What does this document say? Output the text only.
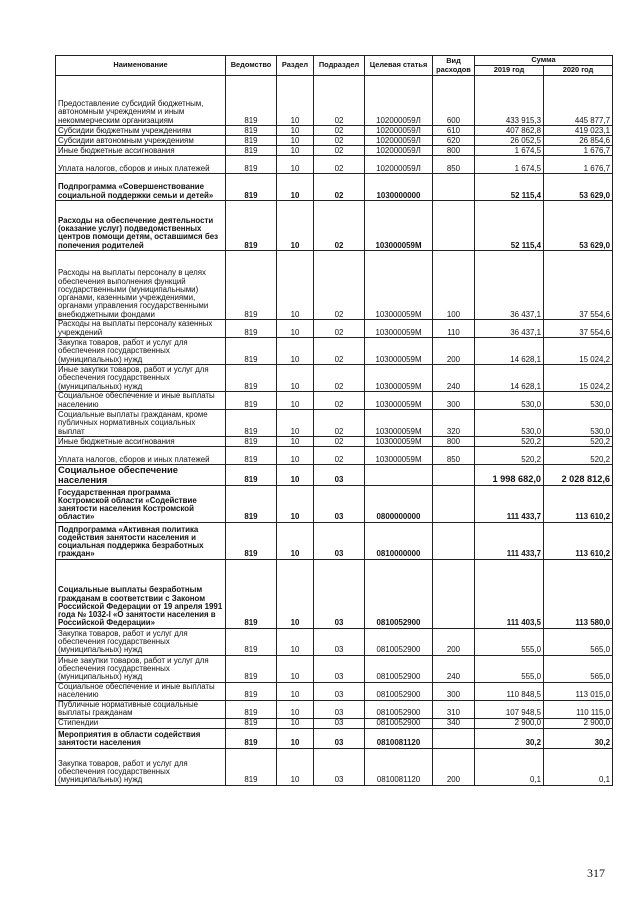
Наименование	Ведомство	Раздел	Подраздел	Целевая статья	Вид расходов	Сумма	
						2019 год	2020 год
Предоставление субсидий бюджетным, автономным учреждениям и иным некоммерческим организациям	819	10	02	102000059Л	600	433 915,3	445 877,7
Субсидии бюджетным учреждениям	819	10	02	102000059Л	610	407 862,8	419 023,1
Субсидии автономным учреждениям	819	10	02	102000059Л	620	26 052,5	26 854,6
Иные бюджетные ассигнования	819	10	02	102000059Л	800	1 674,5	1 676,7
Уплата налогов, сборов и иных платежей	819	10	02	102000059Л	850	1 674,5	1 676,7
Подпрограмма «Совершенствование социальной поддержки семьи и детей»	819	10	02	1030000000		52 115,4	53 629,0
Расходы на обеспечение деятельности (оказание услуг) подведомственных центров помощи детям, оставшимся без попечения родителей	819	10	02	103000059М		52 115,4	53 629,0
Расходы на выплаты персоналу в целях обеспечения выполнения функций государственными (муниципальными) органами, казенными учреждениями, органами управления государственными внебюджетными фондами	819	10	02	103000059М	100	36 437,1	37 554,6
Расходы на выплаты персоналу казенных учреждений	819	10	02	103000059М	110	36 437,1	37 554,6
Закупка товаров, работ и услуг для обеспечения государственных (муниципальных) нужд	819	10	02	103000059М	200	14 628,1	15 024,2
Иные закупки товаров, работ и услуг для обеспечения государственных (муниципальных) нужд	819	10	02	103000059М	240	14 628,1	15 024,2
Социальное обеспечение и иные выплаты населению	819	10	02	103000059М	300	530,0	530,0
Социальные выплаты гражданам, кроме публичных нормативных социальных выплат	819	10	02	103000059М	320	530,0	530,0
Иные бюджетные ассигнования	819	10	02	103000059М	800	520,2	520,2
Уплата налогов, сборов и иных платежей	819	10	02	103000059М	850	520,2	520,2
Социальное обеспечение населения	819	10	03			1 998 682,0	2 028 812,6
Государственная программа Костромской области «Содействие занятости населения Костромской области»	819	10	03	0800000000		111 433,7	113 610,2
Подпрограмма «Активная политика содействия занятости населения и социальная поддержка безработных граждан»	819	10	03	0810000000		111 433,7	113 610,2
Социальные выплаты безработным гражданам в соответствии с Законом Российской Федерации от 19 апреля 1991 года № 1032-I «О занятости населения в Российской Федерации»	819	10	03	0810052900		111 403,5	113 580,0
Закупка товаров, работ и услуг для обеспечения государственных (муниципальных) нужд	819	10	03	0810052900	200	555,0	565,0
Иные закупки товаров, работ и услуг для обеспечения государственных (муниципальных) нужд	819	10	03	0810052900	240	555,0	565,0
Социальное обеспечение и иные выплаты населению	819	10	03	0810052900	300	110 848,5	113 015,0
Публичные нормативные социальные выплаты гражданам	819	10	03	0810052900	310	107 948,5	110 115,0
Стипендии	819	10	03	0810052900	340	2 900,0	2 900,0
Мероприятия в области содействия занятости населения	819	10	03	0810081120		30,2	30,2
Закупка товаров, работ и услуг для обеспечения государственных (муниципальных) нужд	819	10	03	0810081120	200	0,1	0,1
317
